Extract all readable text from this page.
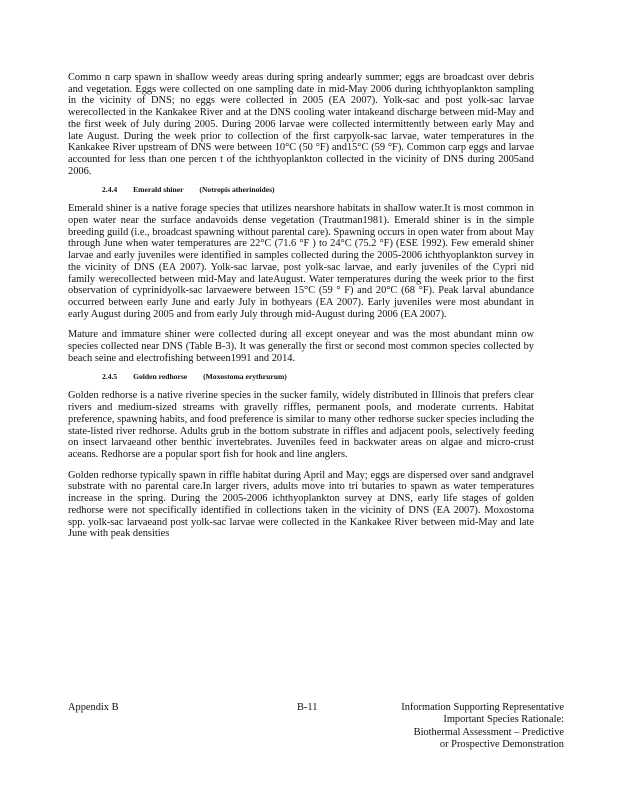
Commo n carp spawn in shallow weedy areas during spring andearly summer; eggs are broadcast over debris and vegetation. Eggs were collected on one sampling date in mid-May 2006 during ichthyoplankton sampling in the vicinity of DNS; no eggs were collected in 2005 (EA 2007). Yolk-sac and post yolk-sac larvae werecollected in the Kankakee River and at the DNS cooling water intakeand discharge between mid-May and the first week of July during 2005. During 2006 larvae were collected intermittently between early May and late August. During the week prior to collection of the first carpyolk-sac larvae, water temperatures in the Kankakee River upstream of DNS were between 10°C (50 °F) and15°C (59 °F). Common carp eggs and larvae accounted for less than one percen t of the ichthyoplankton collected in the vicinity of DNS during 2005and 2006.

2.4.4 Emerald shiner (Notropis atherinoides)

Emerald shiner is a native forage species that utilizes nearshore habitats in shallow water.It is most common in open water near the surface andavoids dense vegetation (Trautman1981). Emerald shiner is in the simple breeding guild (i.e., broadcast spawning without parental care). Spawning occurs in open water from about May through June when water temperatures are 22°C (71.6 °F ) to 24°C (75.2 °F) (ESE 1992). Few emerald shiner larvae and early juveniles were identified in samples collected during the 2005-2006 ichthyoplankton survey in the vicinity of DNS (EA 2007). Yolk-sac larvae, post yolk-sac larvae, and early juveniles of the Cypri nid family werecollected between mid-May and lateAugust. Water temperatures during the week prior to the first observation of cyprinidyolk-sac larvaewere between 15°C (59 ° F) and 20°C (68 °F). Peak larval abundance occurred between early June and early July in bothyears (EA 2007). Early juveniles were most abundant in early August during 2005 and from early July through mid-August during 2006 (EA 2007).

Mature and immature shiner were collected during all except oneyear and was the most abundant minn ow species collected near DNS (Table B-3). It was generally the first or second most common species collected by beach seine and electrofishing between1991 and 2014.

2.4.5 Golden redhorse (Moxostoma erythrurum)

Golden redhorse is a native riverine species in the sucker family, widely distributed in Illinois that prefers clear rivers and medium-sized streams with gravelly riffles, permanent pools, and moderate currents. Habitat preference, spawning habits, and food preference is similar to many other redhorse sucker species including the state-listed river redhorse. Adults grub in the bottom substrate in riffles and adjacent pools, selectively feeding on insect larvaeand other benthic invertebrates. Juveniles feed in backwater areas on algae and micro-crust aceans. Redhorse are a popular sport fish for hook and line anglers.

Golden redhorse typically spawn in riffle habitat during April and May; eggs are dispersed over sand andgravel substrate with no parental care.In larger rivers, adults move into tri butaries to spawn as water temperatures increase in the spring. During the 2005-2006 ichthyoplankton survey at DNS, early life stages of golden redhorse were not specifically identified in collections taken in the vicinity of DNS (EA 2007). Moxostoma spp. yolk-sac larvaeand post yolk-sac larvae were collected in the Kankakee River between mid-May and late June with peak densities

Appendix B	B-11	Information Supporting Representative
Important Species Rationale:
Biothermal Assessment – Predictive
or Prospective Demonstration
